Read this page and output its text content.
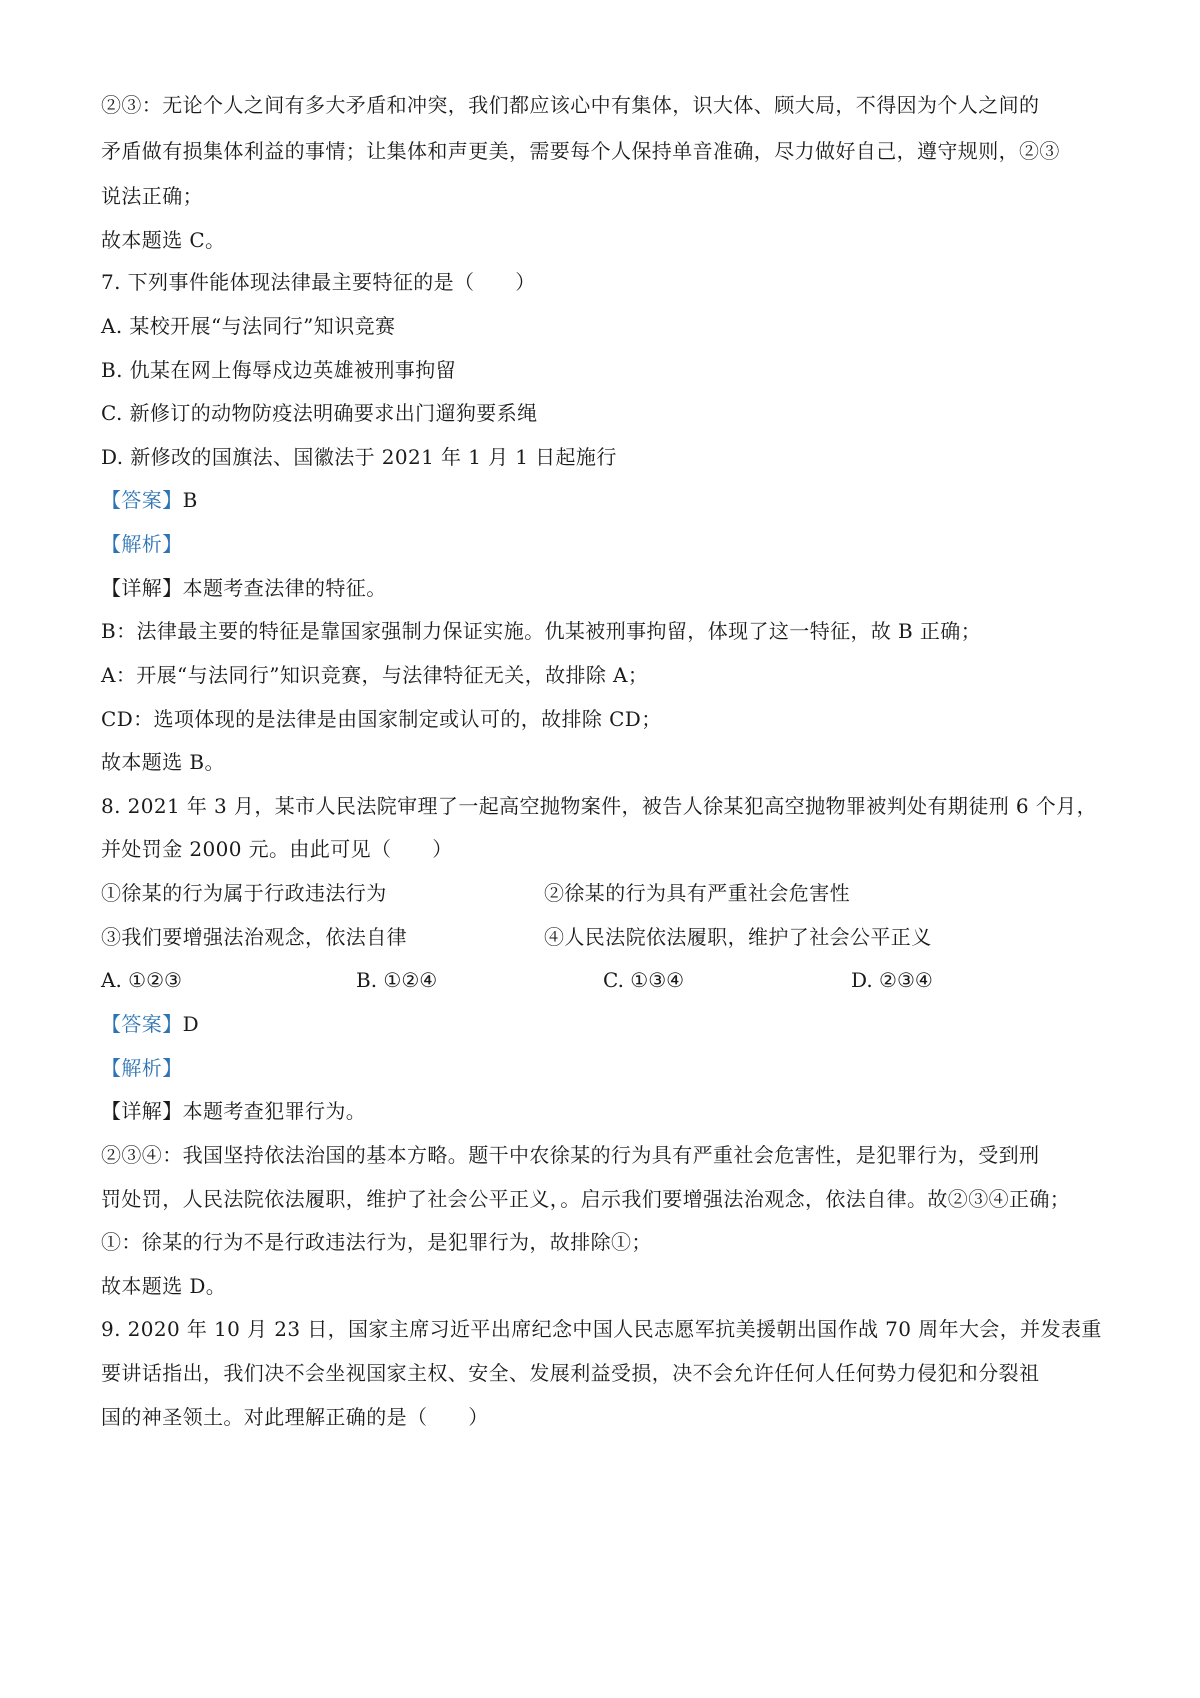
②③：无论个人之间有多大矛盾和冲突，我们都应该心中有集体，识大体、顾大局，不得因为个人之间的
矛盾做有损集体利益的事情；让集体和声更美，需要每个人保持单音准确，尽力做好自己，遵守规则，②③
说法正确；
故本题选 C。
7. 下列事件能体现法律最主要特征的是（　　）
A. 某校开展“与法同行”知识竞赛
B. 仇某在网上侮辱戍边英雄被刑事拘留
C. 新修订的动物防疫法明确要求出门遛狗要系绳
D. 新修改的国旗法、国徽法于 2021 年 1 月 1 日起施行
【答案】B
【解析】
【详解】本题考查法律的特征。
B：法律最主要的特征是靠国家强制力保证实施。仇某被刑事拘留，体现了这一特征，故 B 正确；
A：开展“与法同行”知识竞赛，与法律特征无关，故排除 A；
CD：选项体现的是法律是由国家制定或认可的，故排除 CD；
故本题选 B。
8. 2021 年 3 月，某市人民法院审理了一起高空抛物案件，被告人徐某犯高空抛物罪被判处有期徒刑 6 个月，
并处罚金 2000 元。由此可见（　　）
①徐某的行为属于行政违法行为	②徐某的行为具有严重社会危害性
③我们要增强法治观念，依法自律	④人民法院依法履职，维护了社会公平正义
A. ①②③	B. ①②④	C. ①③④	D. ②③④
【答案】D
【解析】
【详解】本题考查犯罪行为。
②③④：我国坚持依法治国的基本方略。题干中农徐某的行为具有严重社会危害性，是犯罪行为，受到刑
罚处罚，人民法院依法履职，维护了社会公平正义，。启示我们要增强法治观念，依法自律。故②③④正确；
①：徐某的行为不是行政违法行为，是犯罪行为，故排除①；
故本题选 D。
9. 2020 年 10 月 23 日，国家主席习近平出席纪念中国人民志愿军抗美援朝出国作战 70 周年大会，并发表重
要讲话指出，我们决不会坐视国家主权、安全、发展利益受损，决不会允许任何人任何势力侵犯和分裂祖
国的神圣领土。对此理解正确的是（　　）
